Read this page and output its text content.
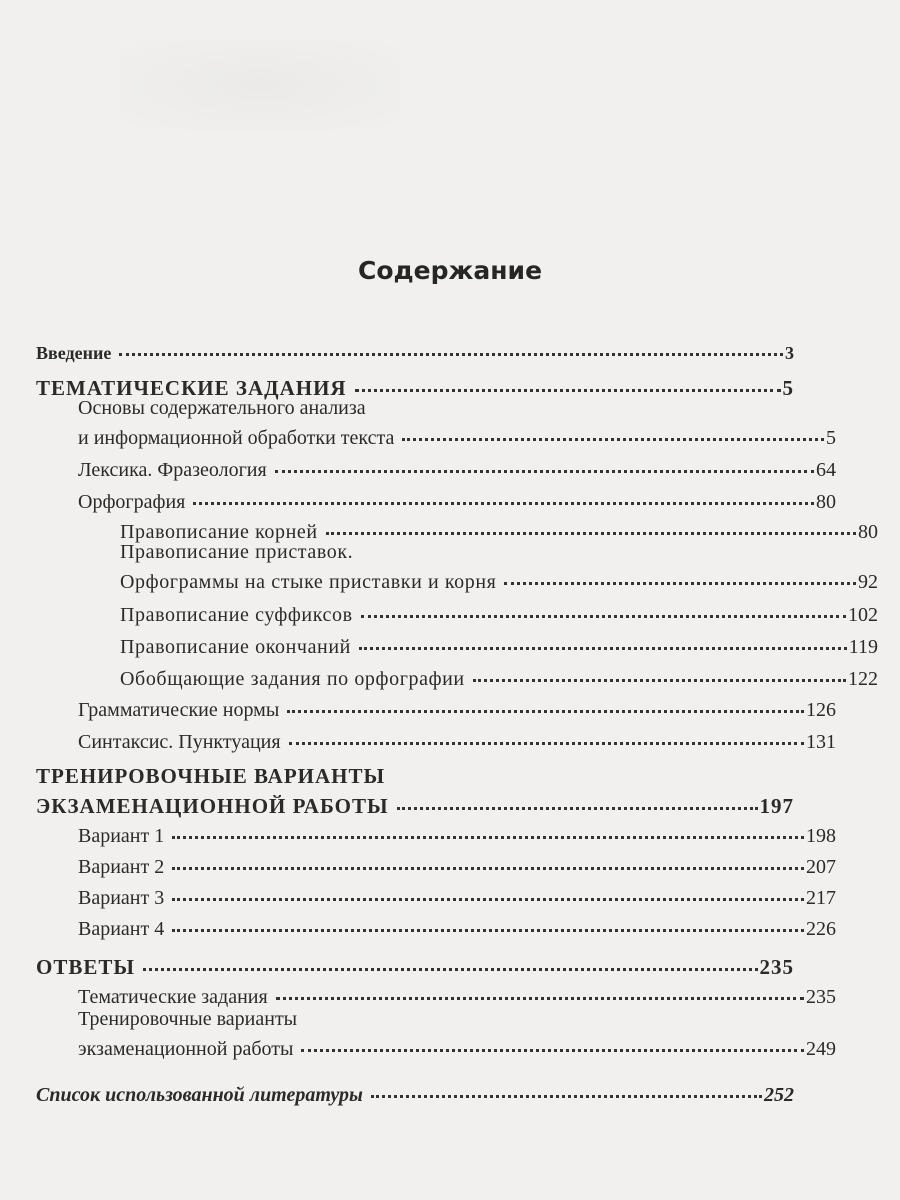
Содержание
Введение	3
ТЕМАТИЧЕСКИЕ ЗАДАНИЯ	5
Основы содержательного анализа
и информационной обработки текста	5
Лексика. Фразеология	64
Орфография	80
Правописание корней	80
Правописание приставок.
Орфограммы на стыке приставки и корня	92
Правописание суффиксов	102
Правописание окончаний	119
Обобщающие задания по орфографии	122
Грамматические нормы	126
Синтаксис. Пунктуация	131
ТРЕНИРОВОЧНЫЕ ВАРИАНТЫ
ЭКЗАМЕНАЦИОННОЙ РАБОТЫ	197
Вариант 1	198
Вариант 2	207
Вариант 3	217
Вариант 4	226
ОТВЕТЫ	235
Тематические задания	235
Тренировочные варианты
экзаменационной работы	249
Список использованной литературы	252
